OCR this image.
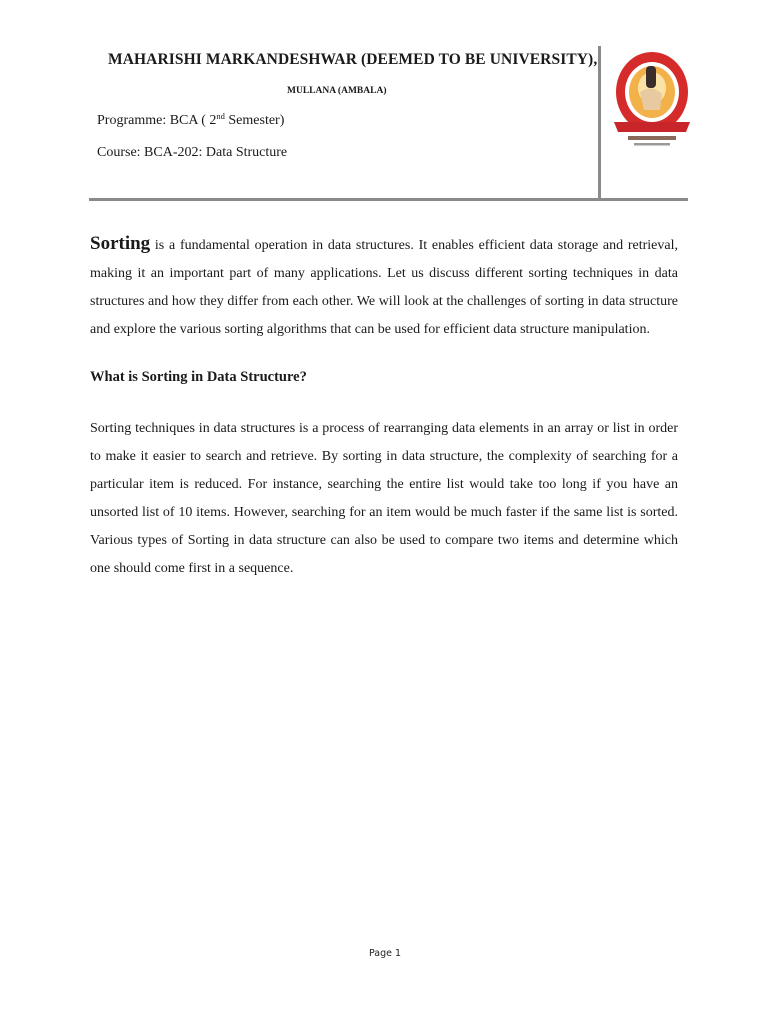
MAHARISHI MARKANDESHWAR (DEEMED TO BE UNIVERSITY),
MULLANA (AMBALA)
Programme: BCA ( 2nd Semester)
Course: BCA-202: Data Structure
Sorting is a fundamental operation in data structures. It enables efficient data storage and retrieval, making it an important part of many applications. Let us discuss different sorting techniques in data structures and how they differ from each other. We will look at the challenges of sorting in data structure and explore the various sorting algorithms that can be used for efficient data structure manipulation.
What is Sorting in Data Structure?
Sorting techniques in data structures is a process of rearranging data elements in an array or list in order to make it easier to search and retrieve. By sorting in data structure, the complexity of searching for a particular item is reduced. For instance, searching the entire list would take too long if you have an unsorted list of 10 items. However, searching for an item would be much faster if the same list is sorted. Various types of Sorting in data structure can also be used to compare two items and determine which one should come first in a sequence.
Page 1
